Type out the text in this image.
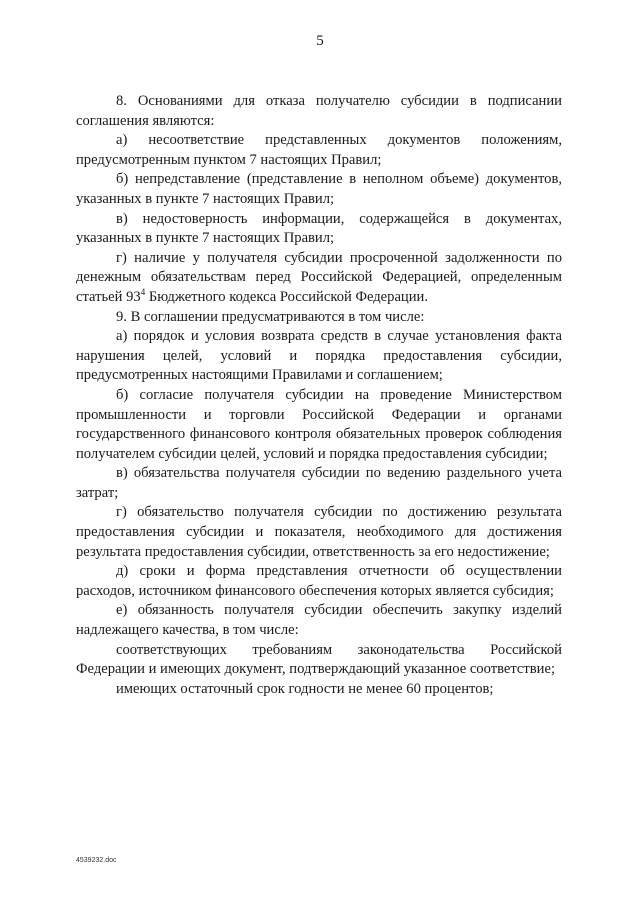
5

8. Основаниями для отказа получателю субсидии в подписании соглашения являются:

а) несоответствие представленных документов положениям, предусмотренным пунктом 7 настоящих Правил;

б) непредставление (представление в неполном объеме) документов, указанных в пункте 7 настоящих Правил;

в) недостоверность информации, содержащейся в документах, указанных в пункте 7 настоящих Правил;

г) наличие у получателя субсидии просроченной задолженности по денежным обязательствам перед Российской Федерацией, определенным статьей $93^4$ Бюджетного кодекса Российской Федерации.

9. В соглашении предусматриваются в том числе:

а) порядок и условия возврата средств в случае установления факта нарушения целей, условий и порядка предоставления субсидии, предусмотренных настоящими Правилами и соглашением;

б) согласие получателя субсидии на проведение Министерством промышленности и торговли Российской Федерации и органами государственного финансового контроля обязательных проверок соблюдения получателем субсидии целей, условий и порядка предоставления субсидии;

в) обязательства получателя субсидии по ведению раздельного учета затрат;

г) обязательство получателя субсидии по достижению результата предоставления субсидии и показателя, необходимого для достижения результата предоставления субсидии, ответственность за его недостижение;

д) сроки и форма представления отчетности об осуществлении расходов, источником финансового обеспечения которых является субсидия;

е) обязанность получателя субсидии обеспечить закупку изделий надлежащего качества, в том числе:

соответствующих требованиям законодательства Российской Федерации и имеющих документ, подтверждающий указанное соответствие;

имеющих остаточный срок годности не менее 60 процентов;

4539232.doc
